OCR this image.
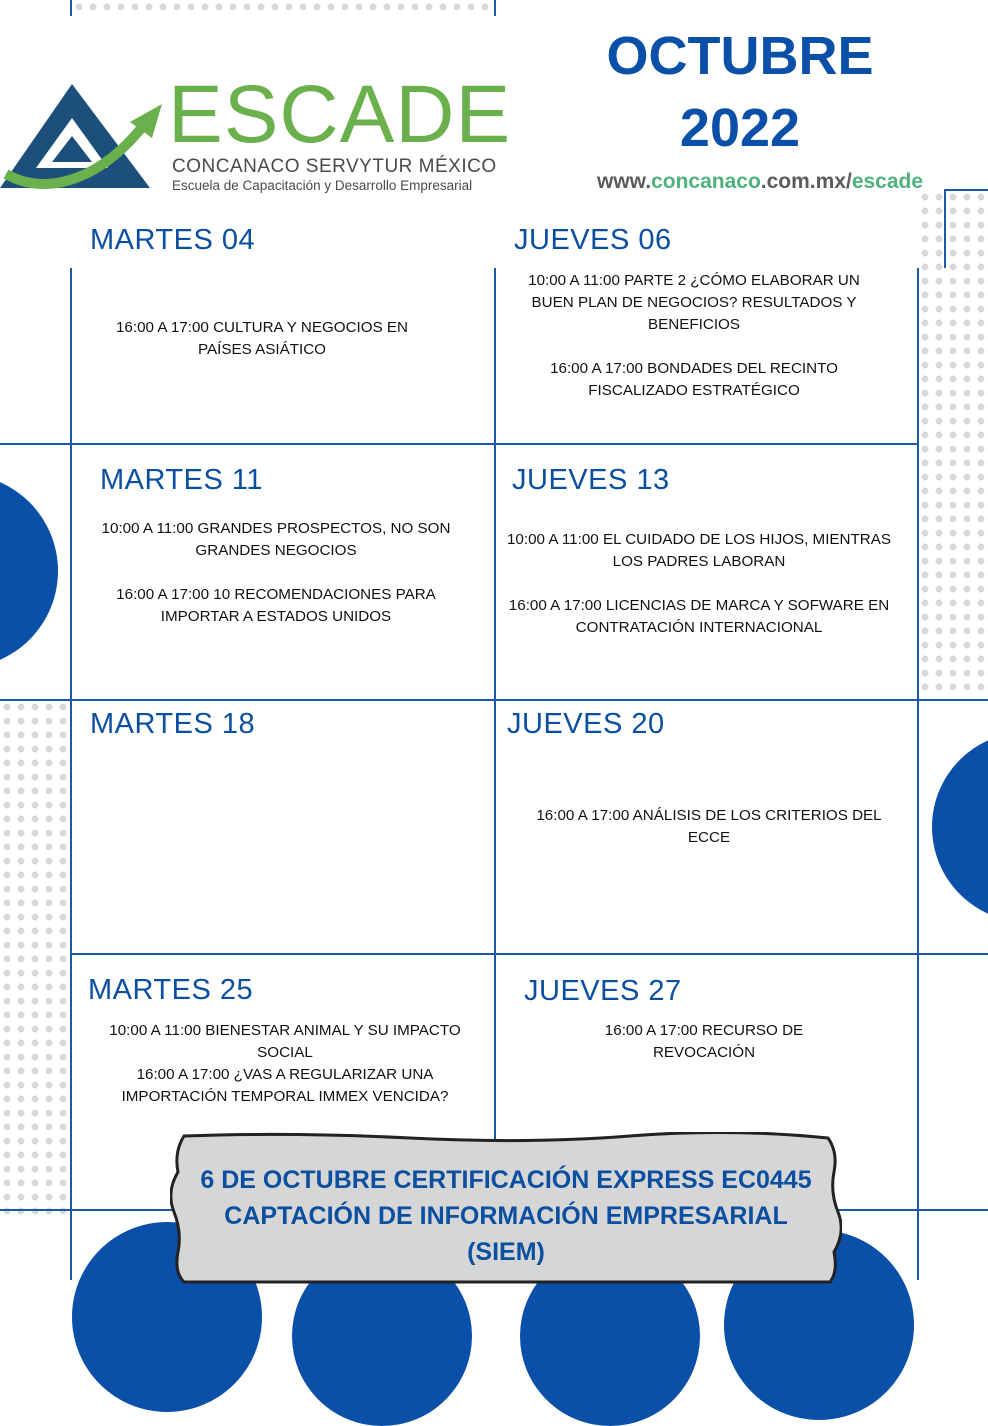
ESCADE
CONCANACO SERVYTUR MÉXICO
Escuela de Capacitación y Desarrollo Empresarial
OCTUBRE
2022
www.concanaco.com.mx/escade
MARTES 04

16:00 A 17:00 CULTURA Y NEGOCIOS EN PAÍSES ASIÁTICO

JUEVES 06

10:00 A 11:00 PARTE 2 ¿CÓMO ELABORAR UN BUEN PLAN DE NEGOCIOS? RESULTADOS Y BENEFICIOS

16:00 A 17:00 BONDADES DEL RECINTO FISCALIZADO ESTRATÉGICO

MARTES 11

10:00 A 11:00 GRANDES PROSPECTOS, NO SON GRANDES NEGOCIOS

16:00 A 17:00 10 RECOMENDACIONES PARA IMPORTAR A ESTADOS UNIDOS

JUEVES 13

10:00 A 11:00 EL CUIDADO DE LOS HIJOS, MIENTRAS LOS PADRES LABORAN

16:00 A 17:00 LICENCIAS DE MARCA Y SOFWARE EN CONTRATACIÓN INTERNACIONAL

MARTES 18	JUEVES 20

16:00 A 17:00 ANÁLISIS DE LOS CRITERIOS DEL ECCE

MARTES 25

10:00 A 11:00 BIENESTAR ANIMAL Y SU IMPACTO SOCIAL

16:00 A 17:00 ¿VAS A REGULARIZAR UNA IMPORTACIÓN TEMPORAL IMMEX VENCIDA?

JUEVES 27

16:00 A 17:00 RECURSO DE REVOCACIÓN

6 DE OCTUBRE CERTIFICACIÓN EXPRESS EC0445
CAPTACIÓN DE INFORMACIÓN EMPRESARIAL
(SIEM)
